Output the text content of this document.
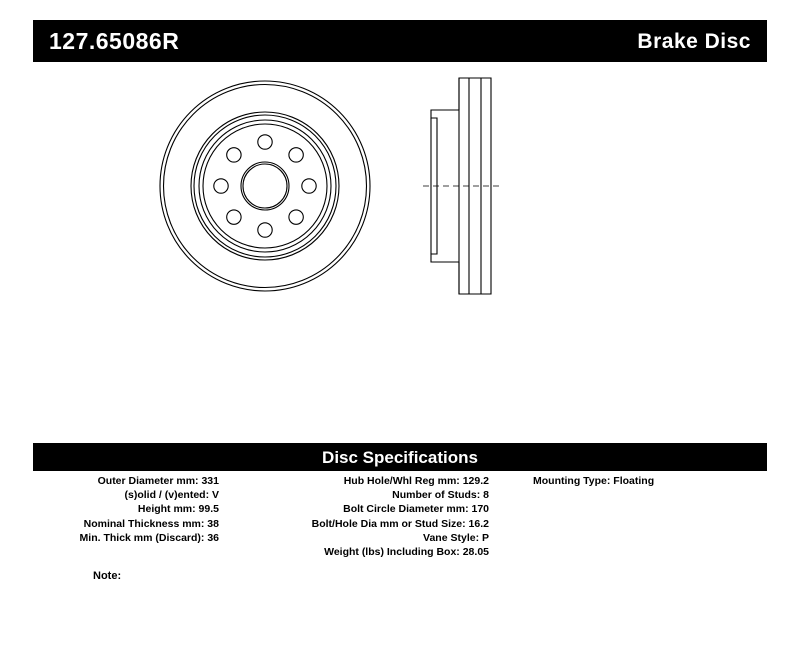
127.65086R	Brake Disc
Disc Specifications
Outer Diameter mm: 331
(s)olid / (v)ented: V
Height mm: 99.5
Nominal Thickness mm: 38
Min. Thick mm (Discard): 36
Hub Hole/Whl Reg mm: 129.2
Number of Studs: 8
Bolt Circle Diameter mm: 170
Bolt/Hole Dia mm or Stud Size: 16.2
Vane Style: P
Weight (lbs) Including Box: 28.05
Mounting Type: Floating
Note:
